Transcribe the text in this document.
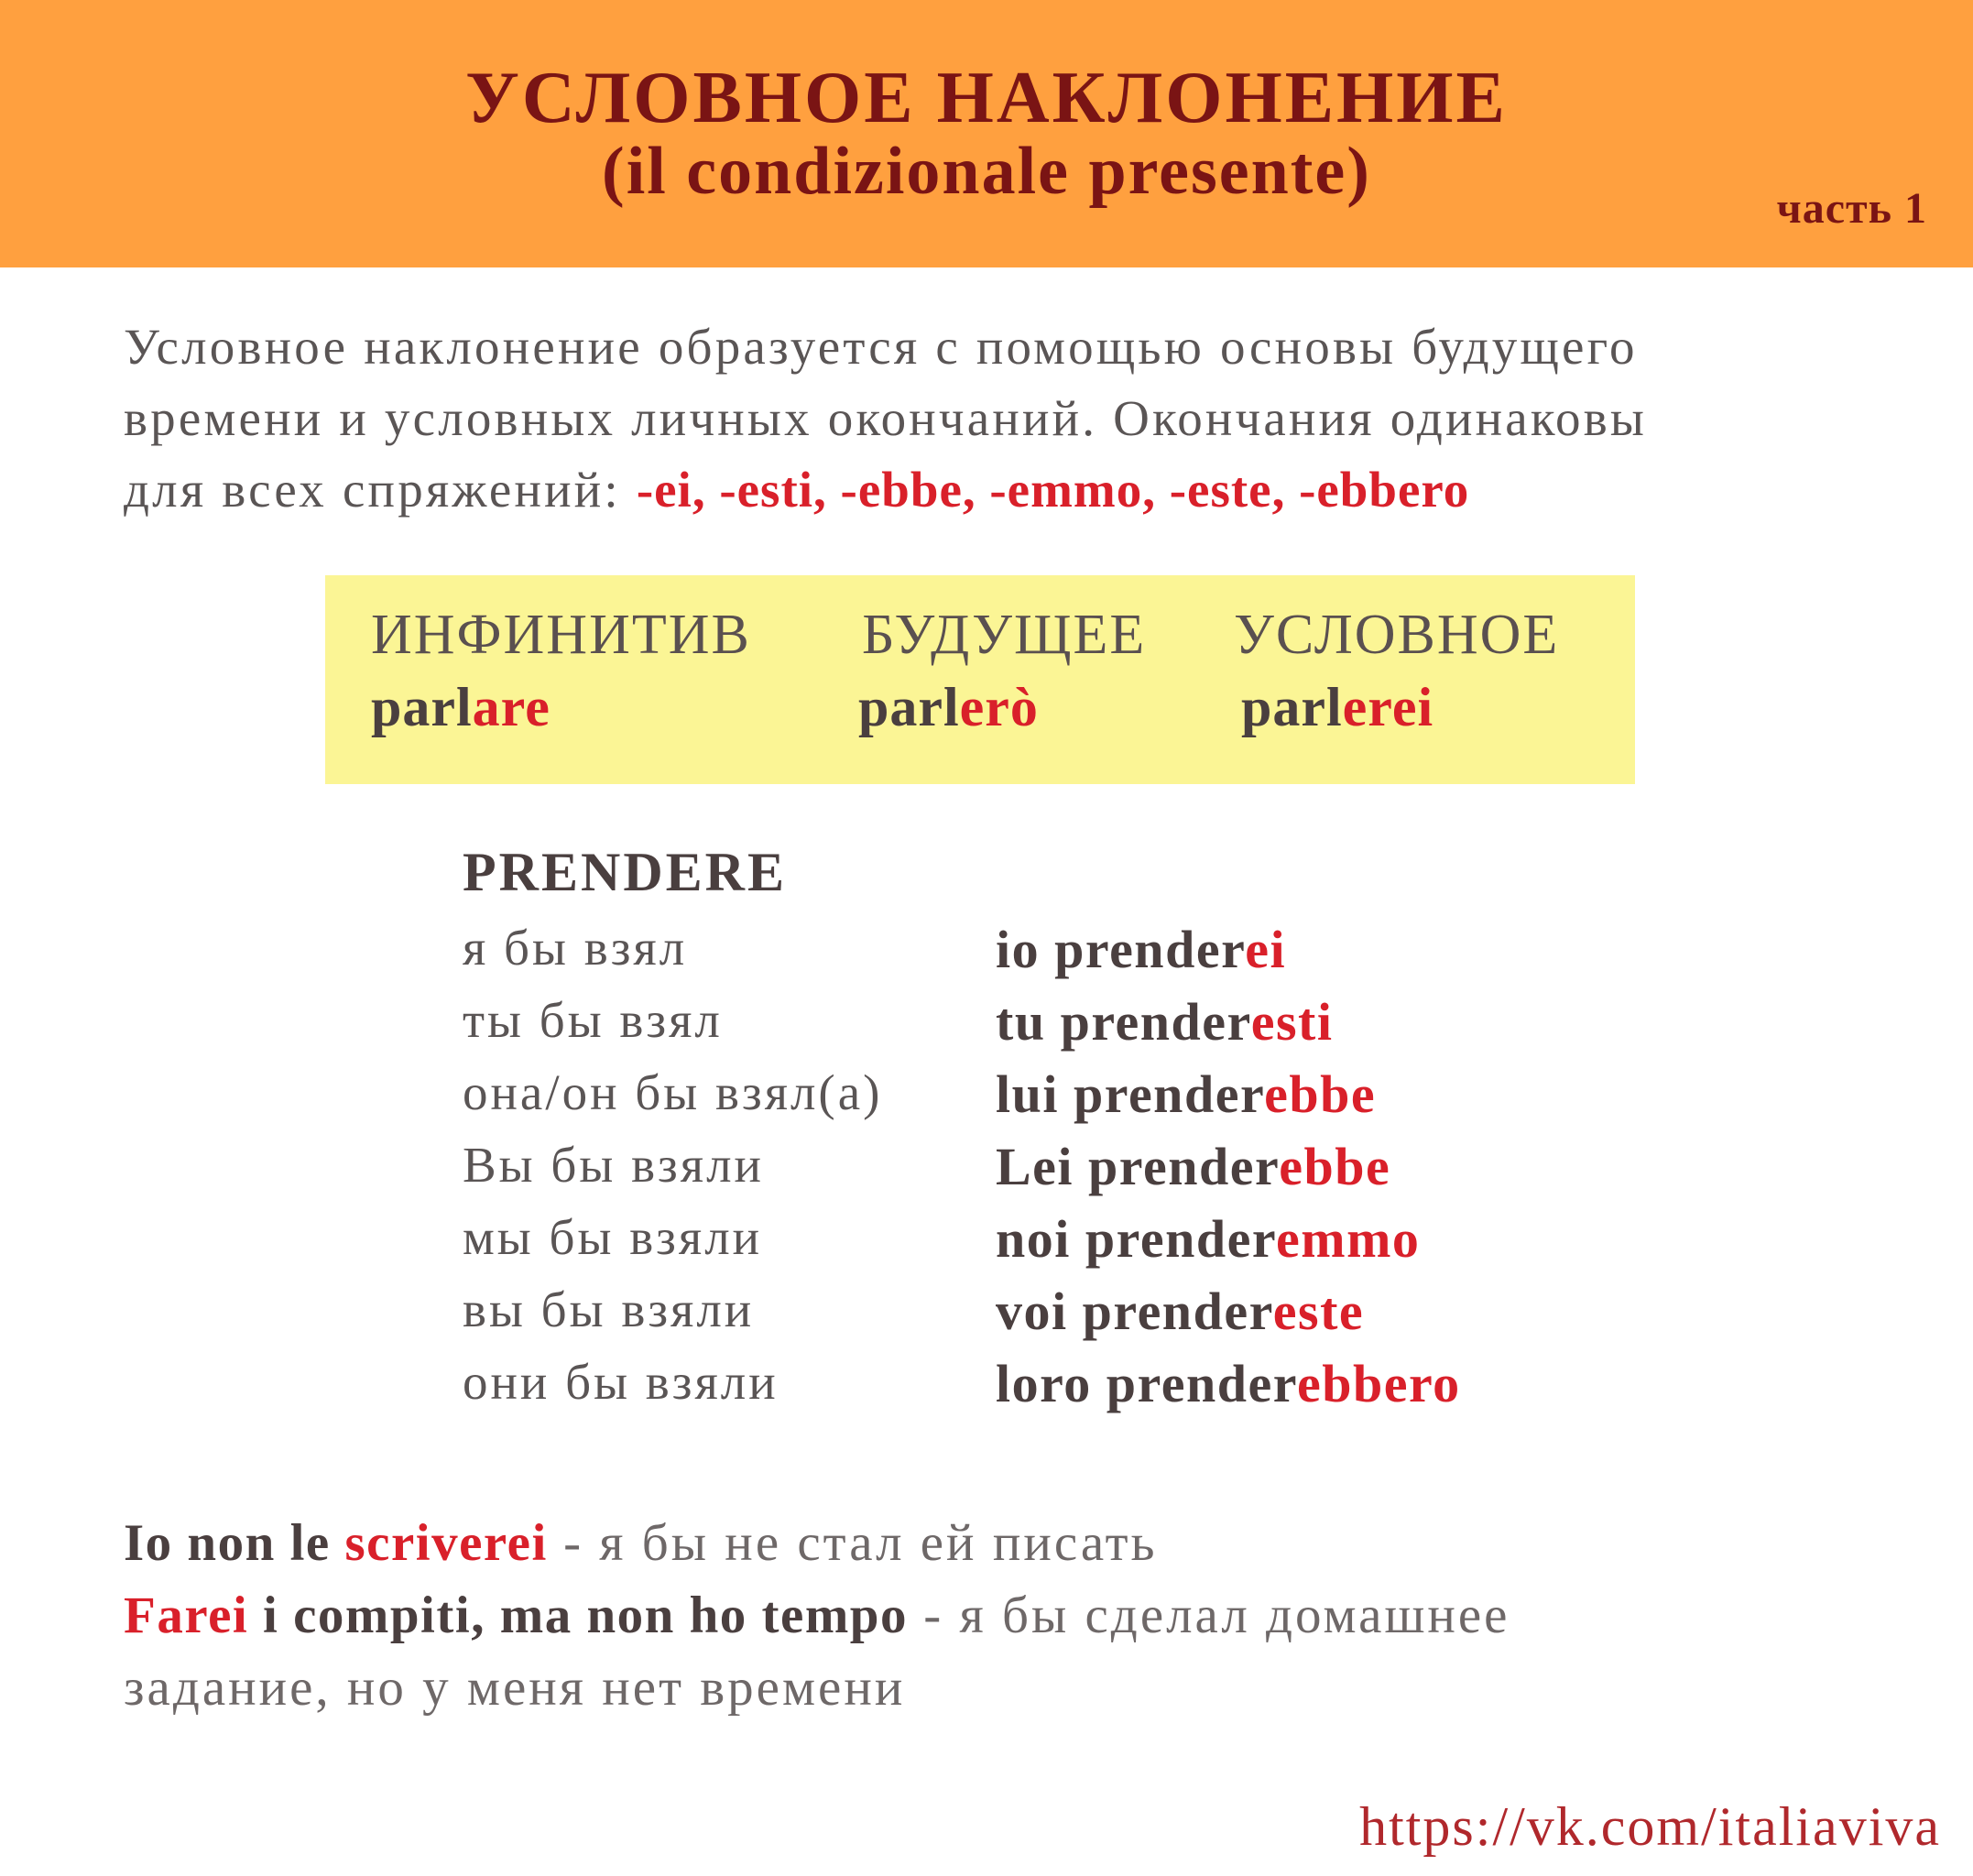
УСЛОВНОЕ НАКЛОНЕНИЕ
(il condizionale presente)	часть 1
Условное наклонение образуется с помощью основы будущего
времени и условных личных окончаний. Окончания одинаковы
для всех спряжений: -ei, -esti, -ebbe, -emmo, -este, -ebbero
ИНФИНИТИВ БУДУЩЕЕ УСЛОВНОЕ
parlare	parlerò	parlerei
PRENDERE
я бы взял	io prenderei
ты бы взял	tu prenderesti
она/он бы взял(а) lui prenderebbe
Вы бы взяли	Lei prenderebbe
мы бы взяли	noi prenderemmo
вы бы взяли	voi prendereste
они бы взяли	loro prenderebbero
Io non le scriverei - я бы не стал ей писать
Farei i compiti, ma non ho tempo - я бы сделал домашнее
задание, но у меня нет времени
https://vk.com/italiaviva
